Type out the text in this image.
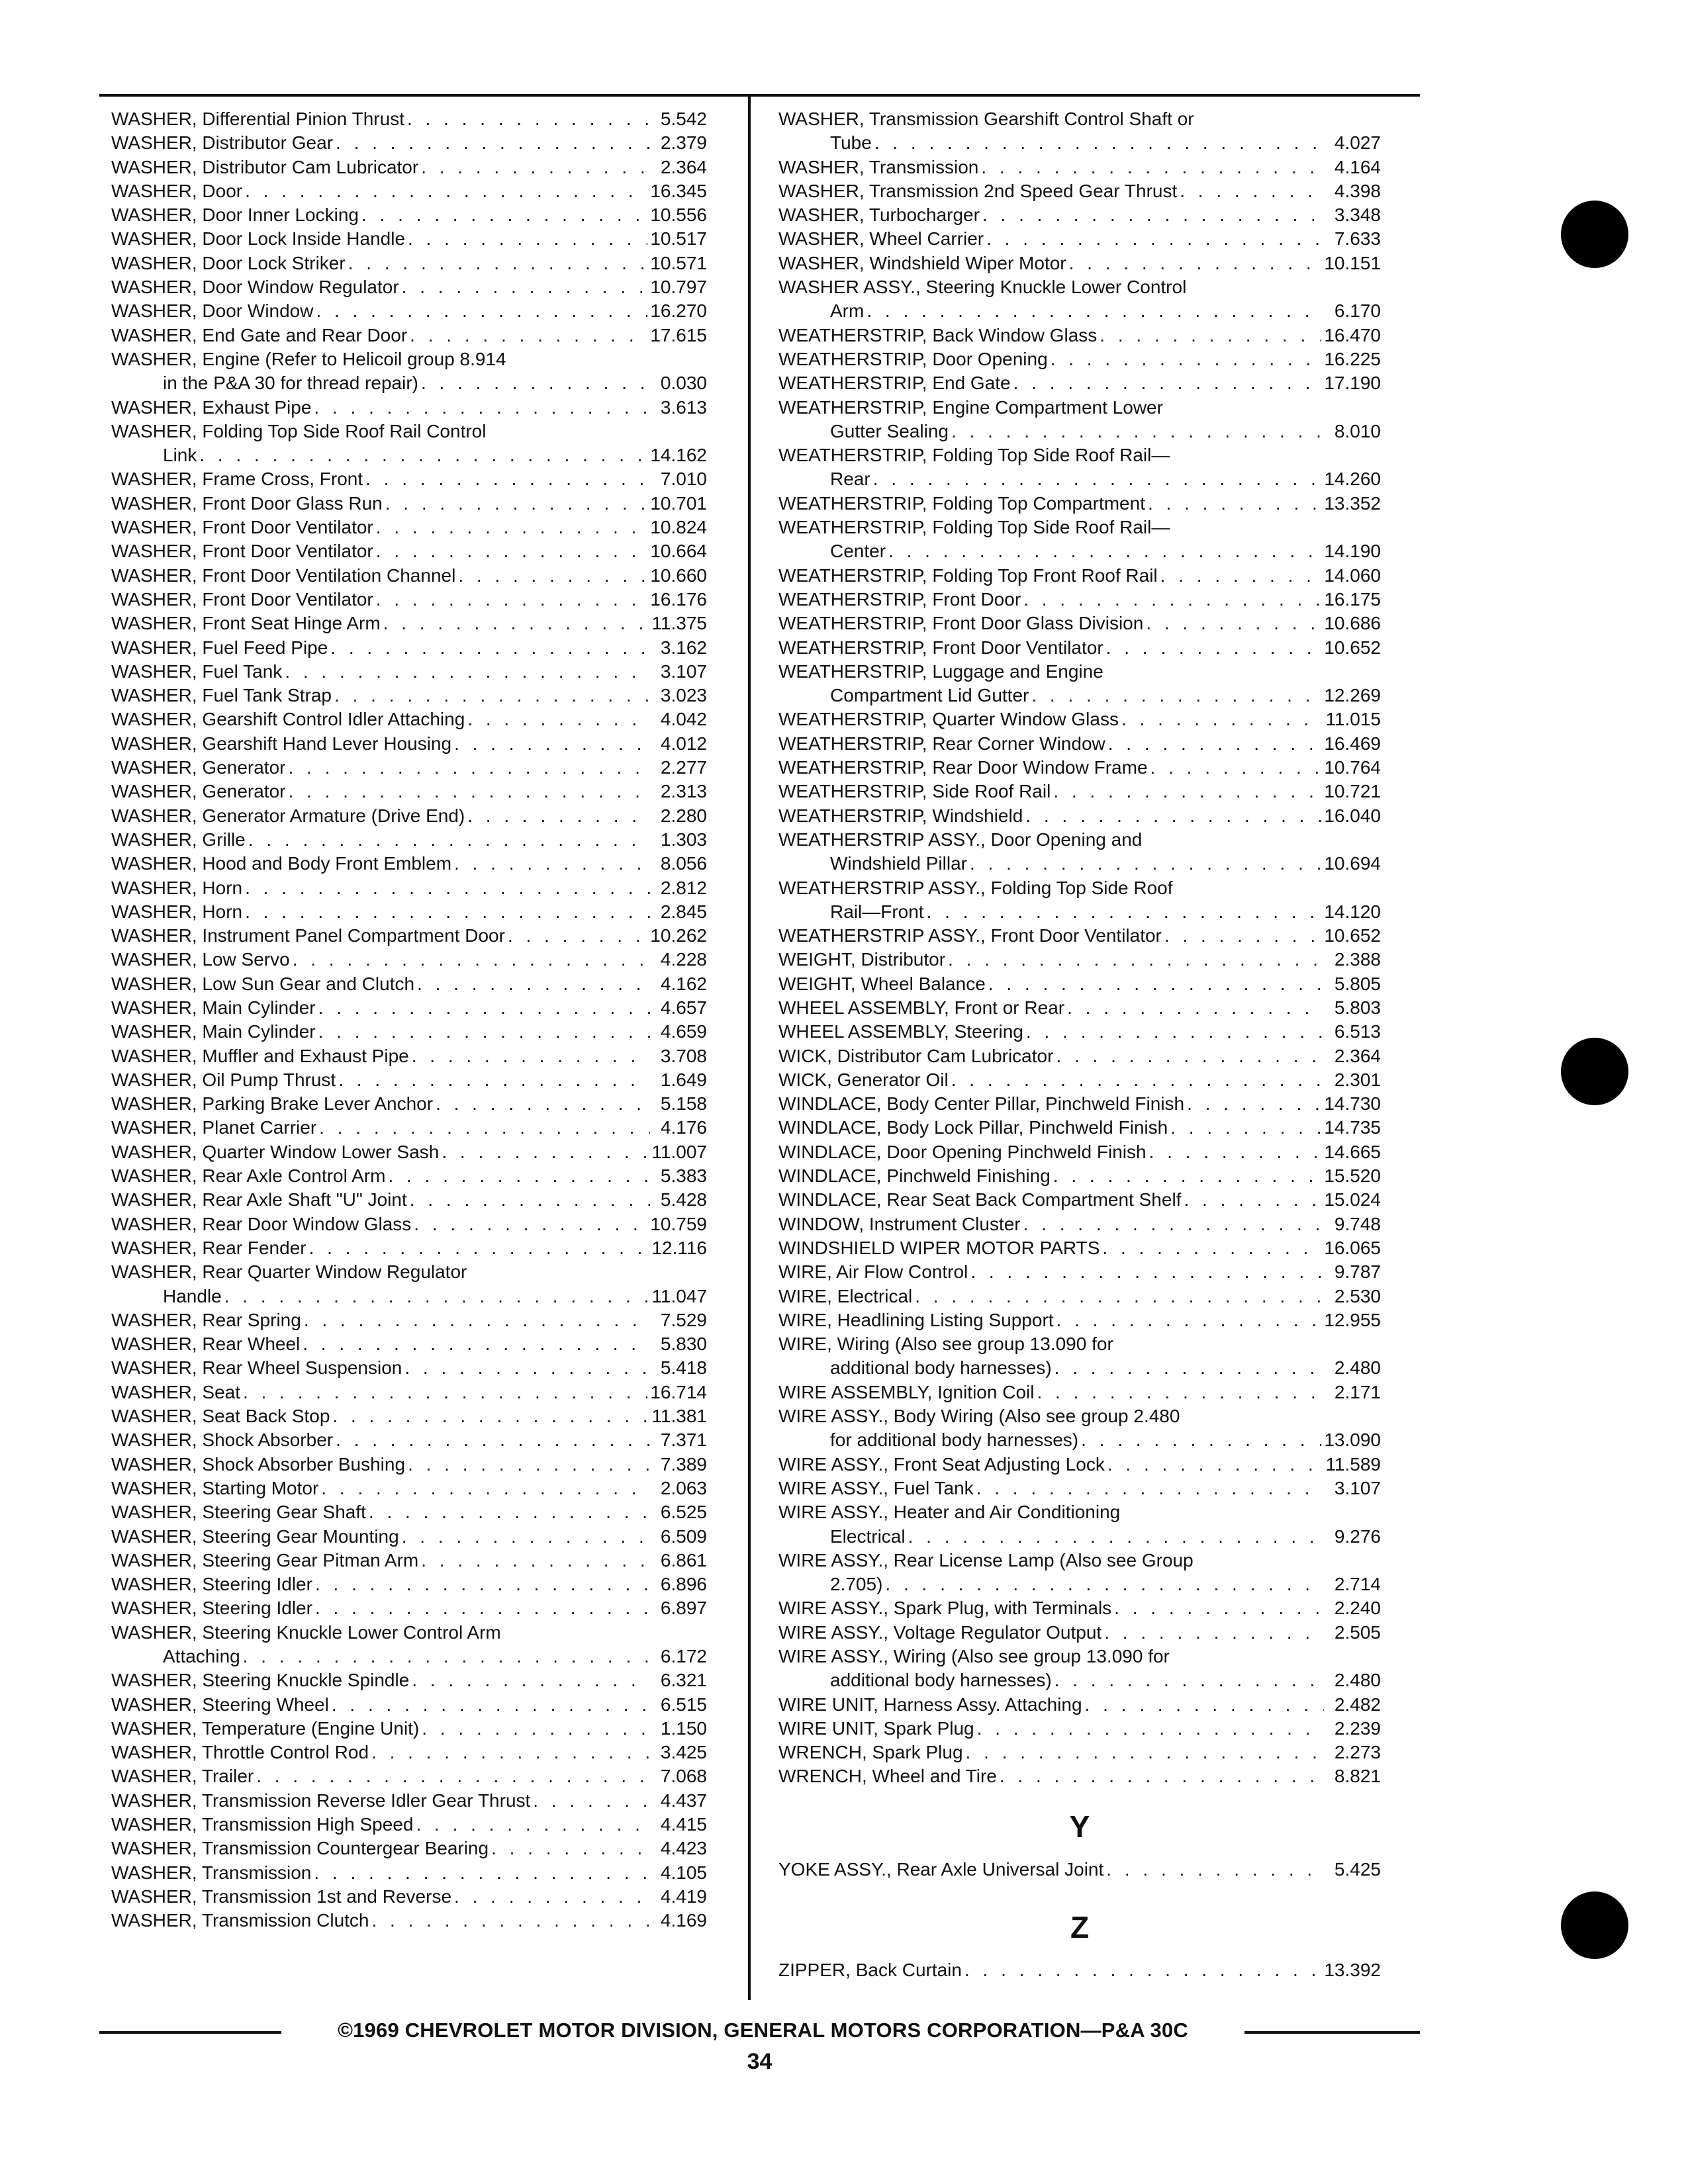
WASHER, Differential Pinion Thrust . . .	5.542
WASHER, Distributor Gear . . .	2.379
WASHER, Distributor Cam Lubricator . . .	2.364
WASHER, Door . . .	16.345
WASHER, Door Inner Locking . . .	10.556
WASHER, Door Lock Inside Handle . . .	10.517
WASHER, Door Lock Striker . . .	10.571
WASHER, Door Window Regulator . . .	10.797
WASHER, Door Window . . .	16.270
WASHER, End Gate and Rear Door . . .	17.615
WASHER, Engine (Refer to Helicoil group 8.914
in the P&A 30 for thread repair) . . .	0.030
WASHER, Exhaust Pipe . . .	3.613
WASHER, Folding Top Side Roof Rail Control
Link . . .	14.162
WASHER, Frame Cross, Front . . .	7.010
WASHER, Front Door Glass Run . . .	10.701
WASHER, Front Door Ventilator . . .	10.824
WASHER, Front Door Ventilator . . .	10.664
WASHER, Front Door Ventilation Channel . . .	10.660
WASHER, Front Door Ventilator . . .	16.176
WASHER, Front Seat Hinge Arm . . .	11.375
WASHER, Fuel Feed Pipe . . .	3.162
WASHER, Fuel Tank . . .	3.107
WASHER, Fuel Tank Strap . . .	3.023
WASHER, Gearshift Control Idler Attaching . . .	4.042
WASHER, Gearshift Hand Lever Housing . . .	4.012
WASHER, Generator . . .	2.277
WASHER, Generator . . .	2.313
WASHER, Generator Armature (Drive End) . . .	2.280
WASHER, Grille . . .	1.303
WASHER, Hood and Body Front Emblem . . .	8.056
WASHER, Horn . . .	2.812
WASHER, Horn . . .	2.845
WASHER, Instrument Panel Compartment Door . . .	10.262
WASHER, Low Servo . . .	4.228
WASHER, Low Sun Gear and Clutch . . .	4.162
WASHER, Main Cylinder . . .	4.657
WASHER, Main Cylinder . . .	4.659
WASHER, Muffler and Exhaust Pipe . . .	3.708
WASHER, Oil Pump Thrust . . .	1.649
WASHER, Parking Brake Lever Anchor . . .	5.158
WASHER, Planet Carrier . . .	4.176
WASHER, Quarter Window Lower Sash . . .	11.007
WASHER, Rear Axle Control Arm . . .	5.383
WASHER, Rear Axle Shaft "U" Joint . . .	5.428
WASHER, Rear Door Window Glass . . .	10.759
WASHER, Rear Fender . . .	12.116
WASHER, Rear Quarter Window Regulator
Handle . . .	11.047
WASHER, Rear Spring . . .	7.529
WASHER, Rear Wheel . . .	5.830
WASHER, Rear Wheel Suspension . . .	5.418
WASHER, Seat . . .	16.714
WASHER, Seat Back Stop . . .	11.381
WASHER, Shock Absorber . . .	7.371
WASHER, Shock Absorber Bushing . . .	7.389
WASHER, Starting Motor . . .	2.063
WASHER, Steering Gear Shaft . . .	6.525
WASHER, Steering Gear Mounting . . .	6.509
WASHER, Steering Gear Pitman Arm . . .	6.861
WASHER, Steering Idler . . .	6.896
WASHER, Steering Idler . . .	6.897
WASHER, Steering Knuckle Lower Control Arm
Attaching . . .	6.172
WASHER, Steering Knuckle Spindle . . .	6.321
WASHER, Steering Wheel . . .	6.515
WASHER, Temperature (Engine Unit) . . .	1.150
WASHER, Throttle Control Rod . . .	3.425
WASHER, Trailer . . .	7.068
WASHER, Transmission Reverse Idler Gear Thrust . . .	4.437
WASHER, Transmission High Speed . . .	4.415
WASHER, Transmission Countergear Bearing . . .	4.423
WASHER, Transmission . . .	4.105
WASHER, Transmission 1st and Reverse . . .	4.419
WASHER, Transmission Clutch . . .	4.169
WASHER, Transmission Gearshift Control Shaft or
Tube . . .	4.027
WASHER, Transmission . . .	4.164
WASHER, Transmission 2nd Speed Gear Thrust . . .	4.398
WASHER, Turbocharger . . .	3.348
WASHER, Wheel Carrier . . .	7.633
WASHER, Windshield Wiper Motor . . .	10.151
WASHER ASSY., Steering Knuckle Lower Control
Arm . . .	6.170
WEATHERSTRIP, Back Window Glass . . .	16.470
WEATHERSTRIP, Door Opening . . .	16.225
WEATHERSTRIP, End Gate . . .	17.190
WEATHERSTRIP, Engine Compartment Lower
Gutter Sealing . . .	8.010
WEATHERSTRIP, Folding Top Side Roof Rail—
Rear . . .	14.260
WEATHERSTRIP, Folding Top Compartment . . .	13.352
WEATHERSTRIP, Folding Top Side Roof Rail—
Center . . .	14.190
WEATHERSTRIP, Folding Top Front Roof Rail . . .	14.060
WEATHERSTRIP, Front Door . . .	16.175
WEATHERSTRIP, Front Door Glass Division . . .	10.686
WEATHERSTRIP, Front Door Ventilator . . .	10.652
WEATHERSTRIP, Luggage and Engine
Compartment Lid Gutter . . .	12.269
WEATHERSTRIP, Quarter Window Glass . . .	11.015
WEATHERSTRIP, Rear Corner Window . . .	16.469
WEATHERSTRIP, Rear Door Window Frame . . .	10.764
WEATHERSTRIP, Side Roof Rail . . .	10.721
WEATHERSTRIP, Windshield . . .	16.040
WEATHERSTRIP ASSY., Door Opening and
Windshield Pillar . . .	10.694
WEATHERSTRIP ASSY., Folding Top Side Roof
Rail—Front . . .	14.120
WEATHERSTRIP ASSY., Front Door Ventilator . . .	10.652
WEIGHT, Distributor . . .	2.388
WEIGHT, Wheel Balance . . .	5.805
WHEEL ASSEMBLY, Front or Rear . . .	5.803
WHEEL ASSEMBLY, Steering . . .	6.513
WICK, Distributor Cam Lubricator . . .	2.364
WICK, Generator Oil . . .	2.301
WINDLACE, Body Center Pillar, Pinchweld Finish . . .	14.730
WINDLACE, Body Lock Pillar, Pinchweld Finish . . .	14.735
WINDLACE, Door Opening Pinchweld Finish . . .	14.665
WINDLACE, Pinchweld Finishing . . .	15.520
WINDLACE, Rear Seat Back Compartment Shelf . . .	15.024
WINDOW, Instrument Cluster . . .	9.748
WINDSHIELD WIPER MOTOR PARTS . . .	16.065
WIRE, Air Flow Control . . .	9.787
WIRE, Electrical . . .	2.530
WIRE, Headlining Listing Support . . .	12.955
WIRE, Wiring (Also see group 13.090 for
additional body harnesses) . . .	2.480
WIRE ASSEMBLY, Ignition Coil . . .	2.171
WIRE ASSY., Body Wiring (Also see group 2.480
for additional body harnesses) . . .	13.090
WIRE ASSY., Front Seat Adjusting Lock . . .	11.589
WIRE ASSY., Fuel Tank . . .	3.107
WIRE ASSY., Heater and Air Conditioning
Electrical . . .	9.276
WIRE ASSY., Rear License Lamp (Also see Group
2.705) . . .	2.714
WIRE ASSY., Spark Plug, with Terminals . . .	2.240
WIRE ASSY., Voltage Regulator Output . . .	2.505
WIRE ASSY., Wiring (Also see group 13.090 for
additional body harnesses) . . .	2.480
WIRE UNIT, Harness Assy. Attaching . . .	2.482
WIRE UNIT, Spark Plug . . .	2.239
WRENCH, Spark Plug . . .	2.273
WRENCH, Wheel and Tire . . .	8.821
Y
YOKE ASSY., Rear Axle Universal Joint . . .	5.425
Z
ZIPPER, Back Curtain . . .	13.392
©1969 CHEVROLET MOTOR DIVISION, GENERAL MOTORS CORPORATION—P&A 30C
34
